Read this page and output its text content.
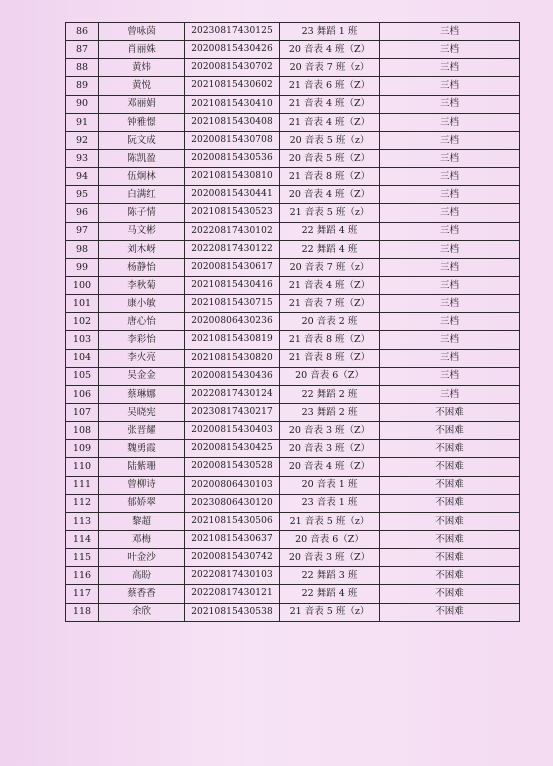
86	曾咏茵	20230817430125	23 舞蹈 1 班	三档
87	肖丽姝	20200815430426	20 音表 4 班（Z）	三档
88	黄炜	20200815430702	20 音表 7 班（z）	三档
89	黄悦	20210815430602	21 音表 6 班（Z）	三档
90	邓丽娟	20210815430410	21 音表 4 班（Z）	三档
91	钟雅憬	20210815430408	21 音表 4 班（Z）	三档
92	阮文成	20200815430708	20 音表 5 班（z）	三档
93	陈凯盈	20200815430536	20 音表 5 班（Z）	三档
94	伍炯林	20210815430810	21 音表 8 班（Z）	三档
95	白满红	20200815430441	20 音表 4 班（Z）	三档
96	陈子情	20210815430523	21 音表 5 班（z）	三档
97	马文彬	20220817430102	22 舞蹈 4 班	三档
98	刘木岈	20220817430122	22 舞蹈 4 班	三档
99	杨静怡	20200815430617	20 音表 7 班（z）	三档
100	李秋菊	20210815430416	21 音表 4 班（Z）	三档
101	康小敏	20210815430715	21 音表 7 班（Z）	三档
102	唐心怡	20200806430236	20 音表 2 班	三档
103	李彩怡	20210815430819	21 音表 8 班（Z）	三档
104	李火亮	20210815430820	21 音表 8 班（Z）	三档
105	吴金金	20200815430436	20 音表 6（Z）	三档
106	蔡琳娜	20220817430124	22 舞蹈 2 班	三档
107	吴晓宪	20230817430217	23 舞蹈 2 班	不困难
108	张晋耀	20200815430403	20 音表 3 班（Z）	不困难
109	魏勇霞	20200815430425	20 音表 3 班（Z）	不困难
110	陆紫珊	20200815430528	20 音表 4 班（Z）	不困难
111	曾柳诗	20200806430103	20 音表 1 班	不困难
112	郁娇翠	20230806430120	23 音表 1 班	不困难
113	黎超	20210815430506	21 音表 5 班（z）	不困难
114	邓梅	20210815430637	20 音表 6（Z）	不困难
115	叶金沙	20200815430742	20 音表 3 班（Z）	不困难
116	高盼	20220817430103	22 舞蹈 3 班	不困难
117	蔡香香	20220817430121	22 舞蹈 4 班	不困难
118	余欣	20210815430538	21 音表 5 班（z）	不困难
